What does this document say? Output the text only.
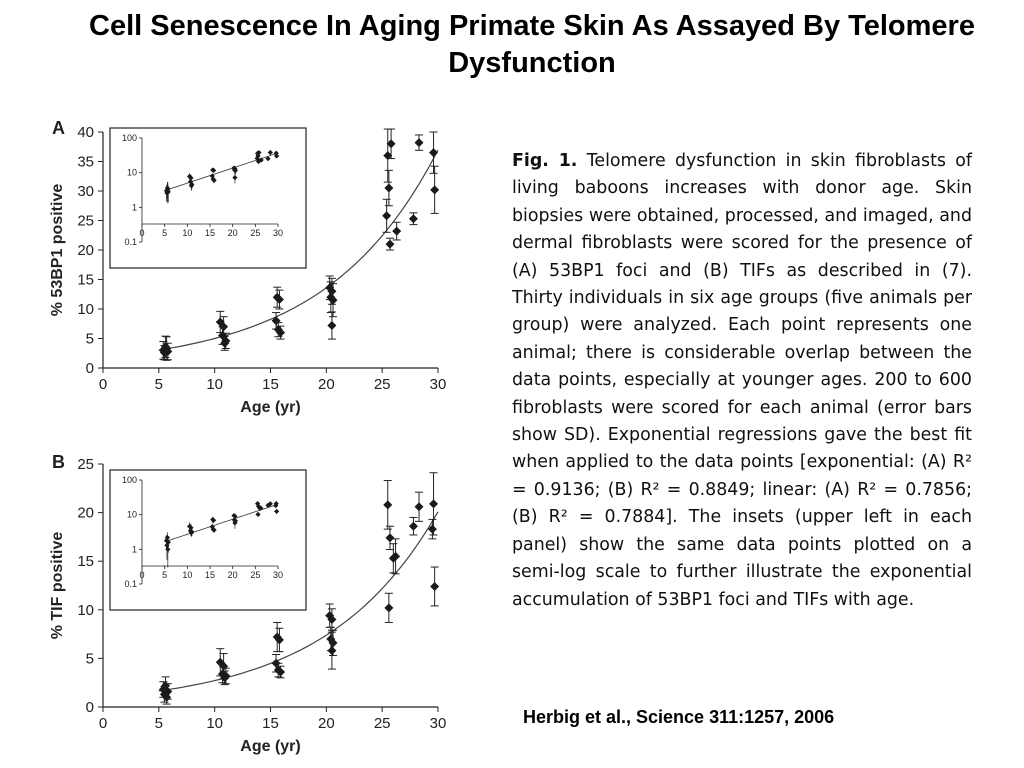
Cell Senescence In Aging Primate Skin As Assayed By Telomere Dysfunction
A
0	5	10	15	20	25	30
0
5
10
15
20
25
30
35
40
Age (yr)
% 53BP1 positive	0 5 10 15 20 25 30
0.1
1
10
100
B
0	5	10	15	20	25	30
0
5
10
15
20
25
Age (yr)
% TIF positive	0 5 10 15 20 25 30
0.1
1
10
100
Fig. 1. Telomere dysfunction in skin fibroblasts of living baboons increases with donor age. Skin biopsies were obtained, processed, and imaged, and dermal fibroblasts were scored for the presence of (A) 53BP1 foci and (B) TIFs as described in (7). Thirty individuals in six age groups (five animals per group) were analyzed. Each point represents one animal; there is considerable overlap between the data points, especially at younger ages. 200 to 600 fibroblasts were scored for each animal (error bars show SD). Exponential regressions gave the best fit when applied to the data points [exponential: (A) R² = 0.9136; (B) R² = 0.8849; linear: (A) R² = 0.7856; (B) R² = 0.7884]. The insets (upper left in each panel) show the same data points plotted on a semi-log scale to further illustrate the exponential accumulation of 53BP1 foci and TIFs with age.
Herbig et al., Science 311:1257, 2006
